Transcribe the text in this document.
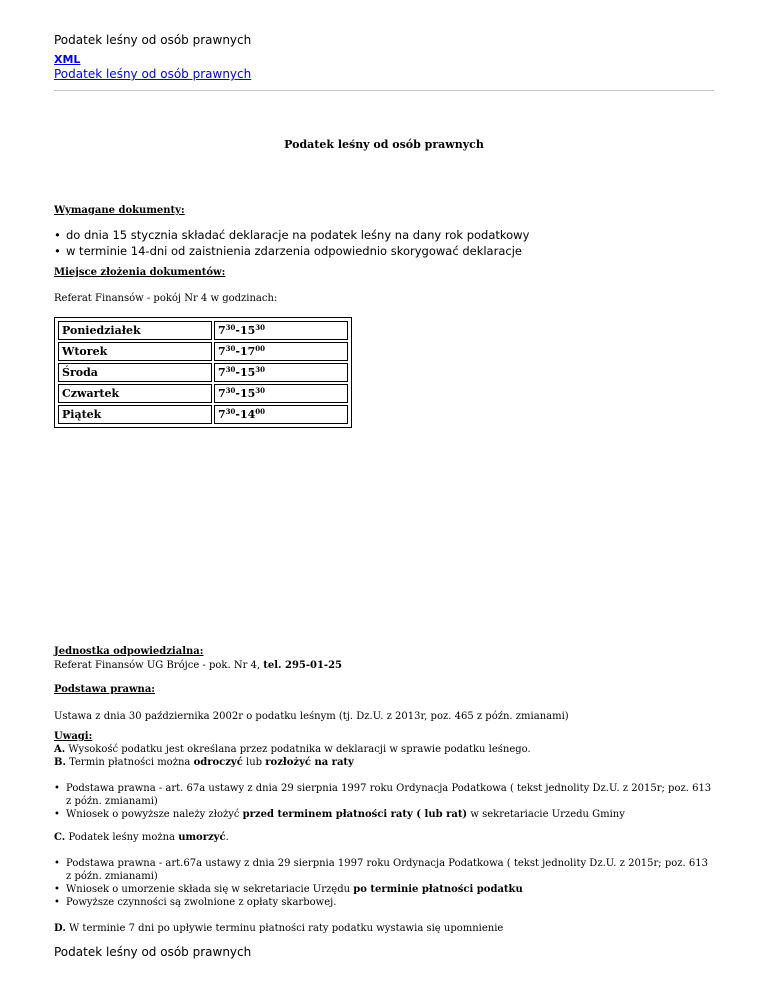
Podatek leśny od osób prawnych
XML
Podatek leśny od osób prawnych
Podatek leśny od osób prawnych
Wymagane dokumenty:
• do dnia 15 stycznia składać deklaracje na podatek leśny na dany rok podatkowy
• w terminie 14-dni od zaistnienia zdarzenia odpowiednio skorygować deklaracje
Miejsce złożenia dokumentów:
Referat Finansów - pokój Nr 4 w godzinach:
Poniedziałek	$7^{30}-15^{30}$
Wtorek	$7^{30}-17^{00}$
Środa	$7^{30}-15^{30}$
Czwartek	$7^{30}-15^{30}$
Piątek	$7^{30}-14^{00}$
Jednostka odpowiedzialna:
Referat Finansów UG Brójce - pok. Nr 4, tel. 295-01-25
Podstawa prawna:
Ustawa z dnia 30 października 2002r o podatku leśnym (tj. Dz.U. z 2013r, poz. 465 z późn. zmianami)
Uwagi:
A. Wysokość podatku jest określana przez podatnika w deklaracji w sprawie podatku leśnego.
B. Termin płatności można odroczyć lub rozłożyć na raty
• Podstawa prawna - art. 67a ustawy z dnia 29 sierpnia 1997 roku Ordynacja Podatkowa ( tekst jednolity Dz.U. z 2015r; poz. 613 z późn. zmianami)
• Wniosek o powyższe należy złożyć przed terminem płatności raty ( lub rat) w sekretariacie Urzedu Gminy
C. Podatek leśny można umorzyć.
• Podstawa prawna - art.67a ustawy z dnia 29 sierpnia 1997 roku Ordynacja Podatkowa ( tekst jednolity Dz.U. z 2015r; poz. 613 z późn. zmianami)
• Wniosek o umorzenie składa się w sekretariacie Urzędu po terminie płatności podatku
• Powyższe czynności są zwolnione z opłaty skarbowej.
D. W terminie 7 dni po upływie terminu płatności raty podatku wystawia się upomnienie
Podatek leśny od osób prawnych
